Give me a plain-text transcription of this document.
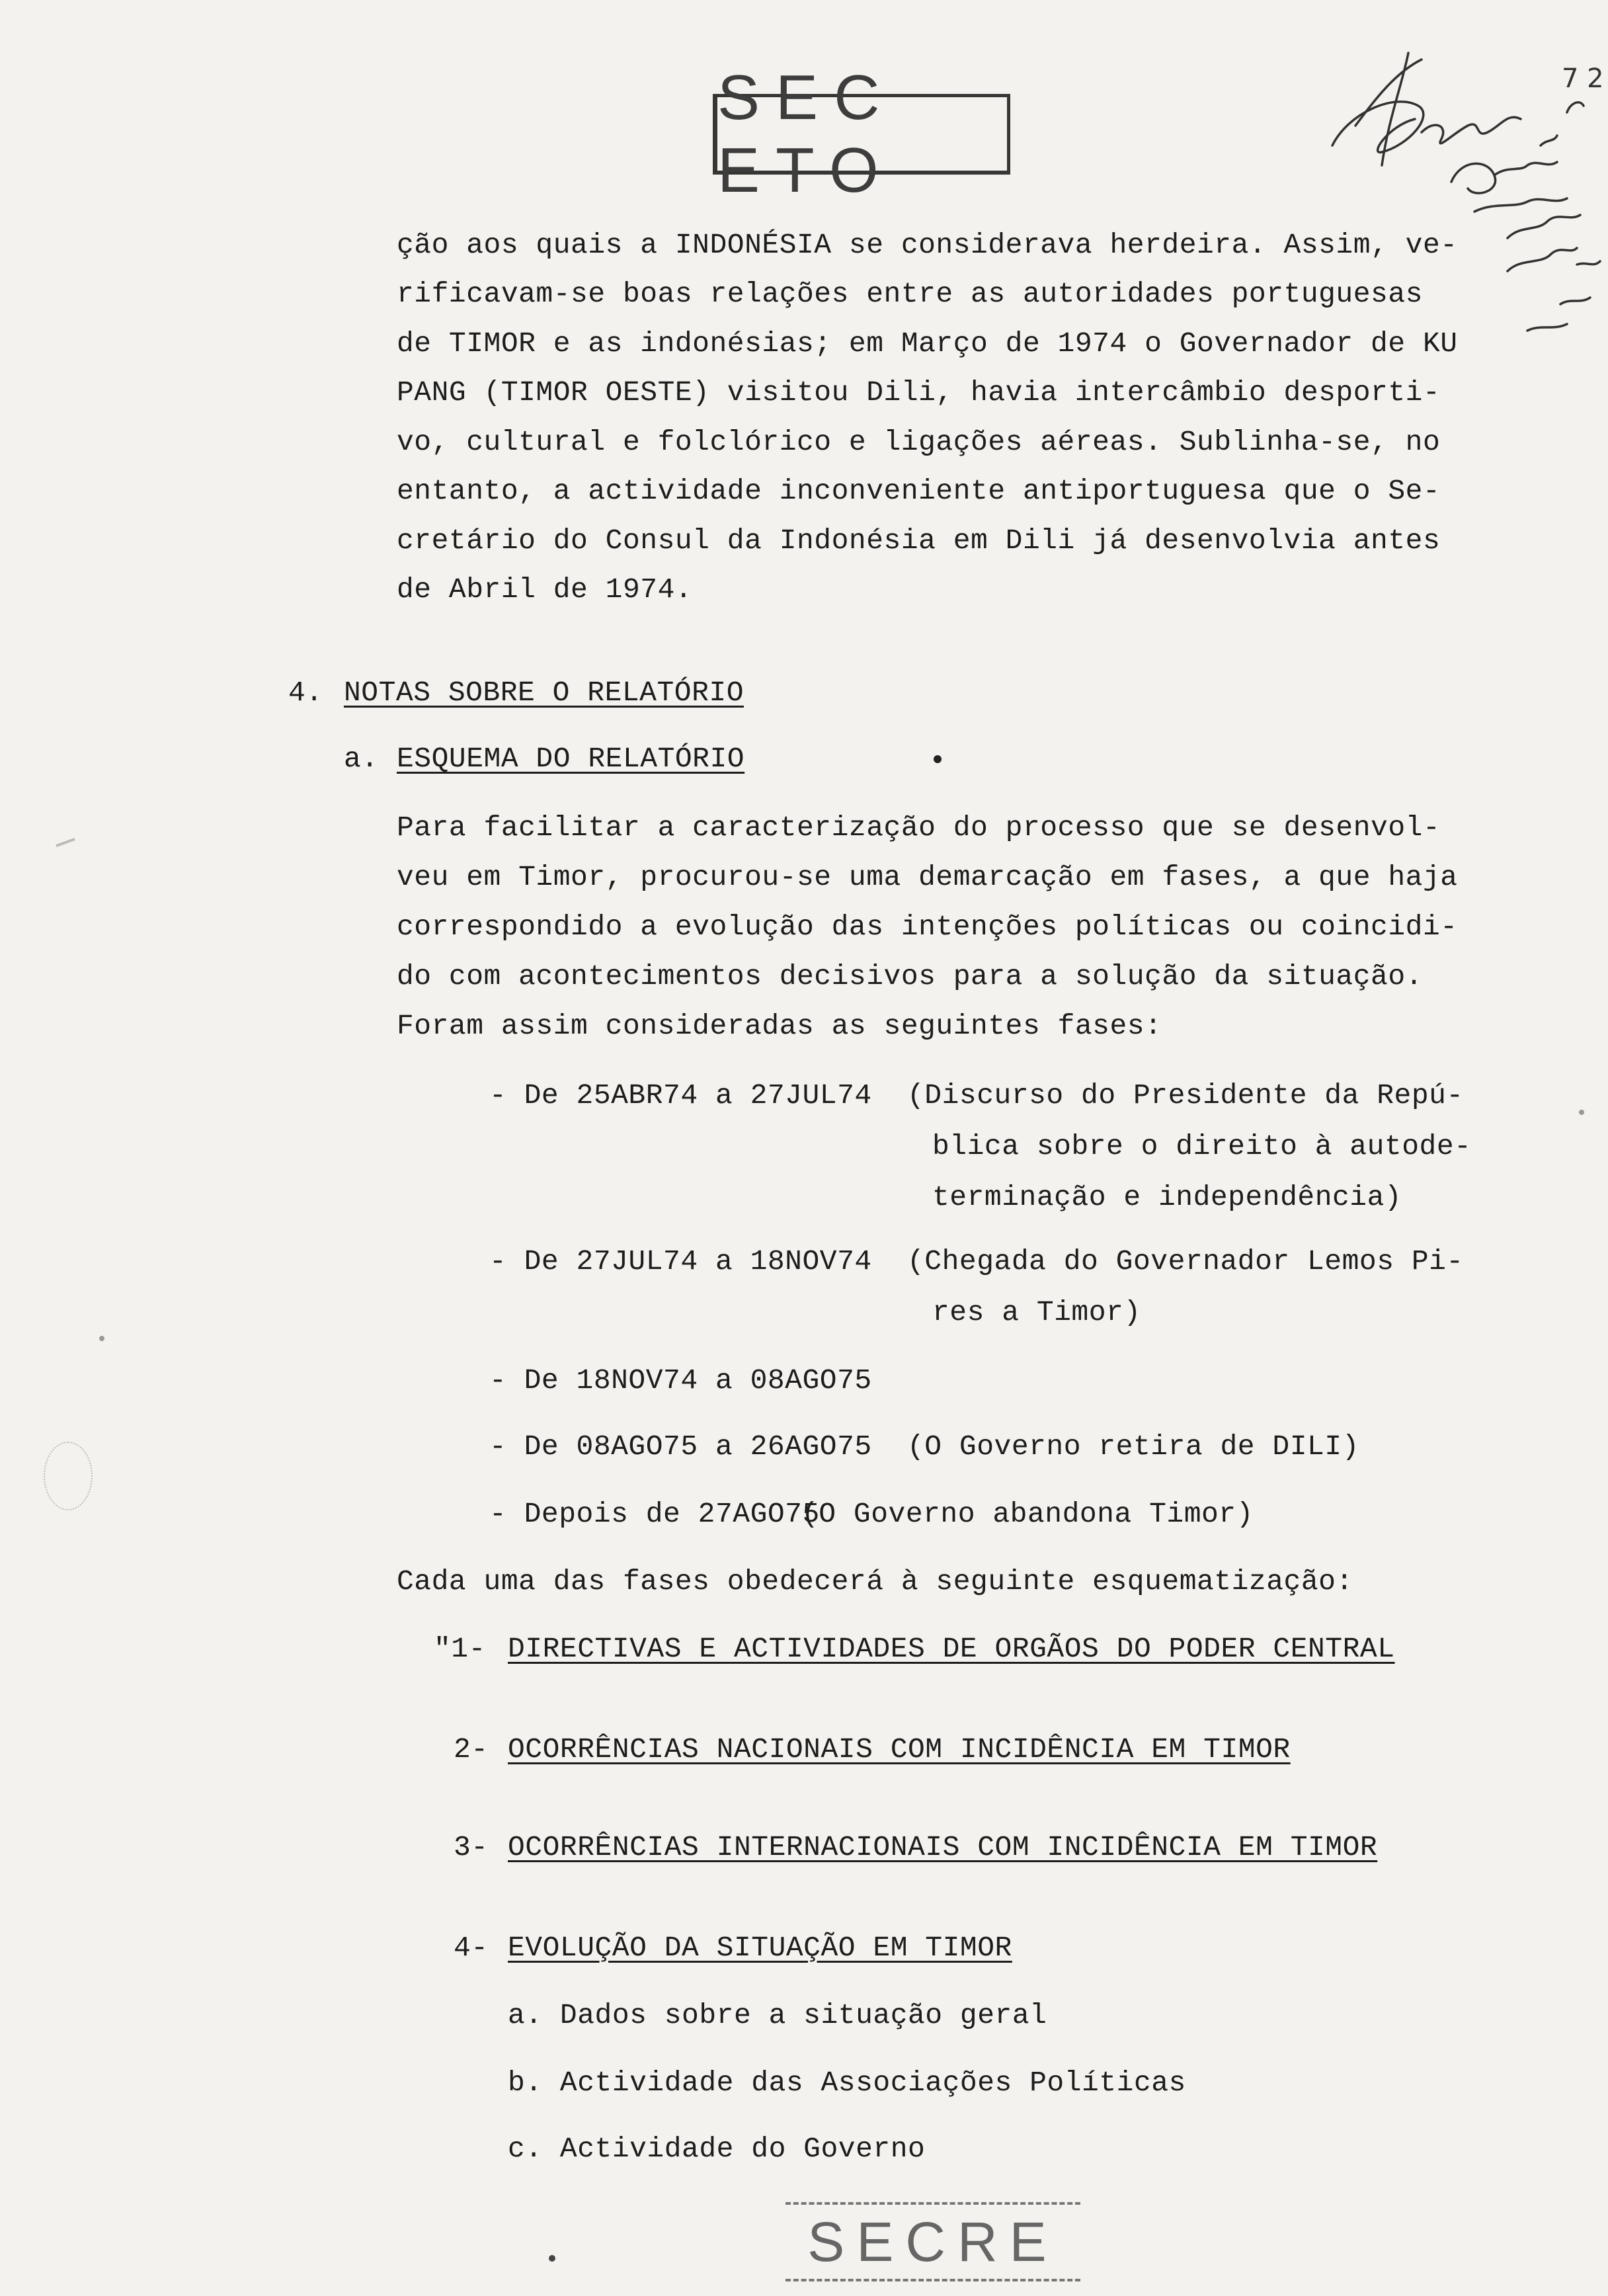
SEC ETO
7 2
ção aos quais a INDONÉSIA se considerava herdeira. Assim, ve-
rificavam-se boas relações entre as autoridades portuguesas
de TIMOR e as indonésias; em Março de 1974 o Governador de KU
PANG (TIMOR OESTE) visitou Dili, havia intercâmbio desporti-
vo, cultural e folclórico e ligações aéreas. Sublinha-se, no
entanto, a actividade inconveniente antiportuguesa que o Se-
cretário do Consul da Indonésia em Dili já desenvolvia antes
de Abril de 1974.
4. NOTAS SOBRE O RELATÓRIO
a. ESQUEMA DO RELATÓRIO
Para facilitar a caracterização do processo que se desenvol-
veu em Timor, procurou-se uma demarcação em fases, a que haja
correspondido a evolução das intenções políticas ou coincidi-
do com acontecimentos decisivos para a solução da situação.
Foram assim consideradas as seguintes fases:
- De 25ABR74 a 27JUL74 (Discurso do Presidente da Repú-
blica sobre o direito à autode-
terminação e independência)
- De 27JUL74 a 18NOV74 (Chegada do Governador Lemos Pi-
res a Timor)
- De 18NOV74 a 08AGO75
- De 08AGO75 a 26AGO75 (O Governo retira de DILI)
- Depois de 27AGO75
(O Governo abandona Timor)
Cada uma das fases obedecerá à seguinte esquematização:
"1- DIRECTIVAS E ACTIVIDADES DE ORGÃOS DO PODER CENTRAL
2- OCORRÊNCIAS NACIONAIS COM INCIDÊNCIA EM TIMOR
3- OCORRÊNCIAS INTERNACIONAIS COM INCIDÊNCIA EM TIMOR
4- EVOLUÇÃO DA SITUAÇÃO EM TIMOR
a. Dados sobre a situação geral
b. Actividade das Associações Políticas
c. Actividade do Governo
SECRE
